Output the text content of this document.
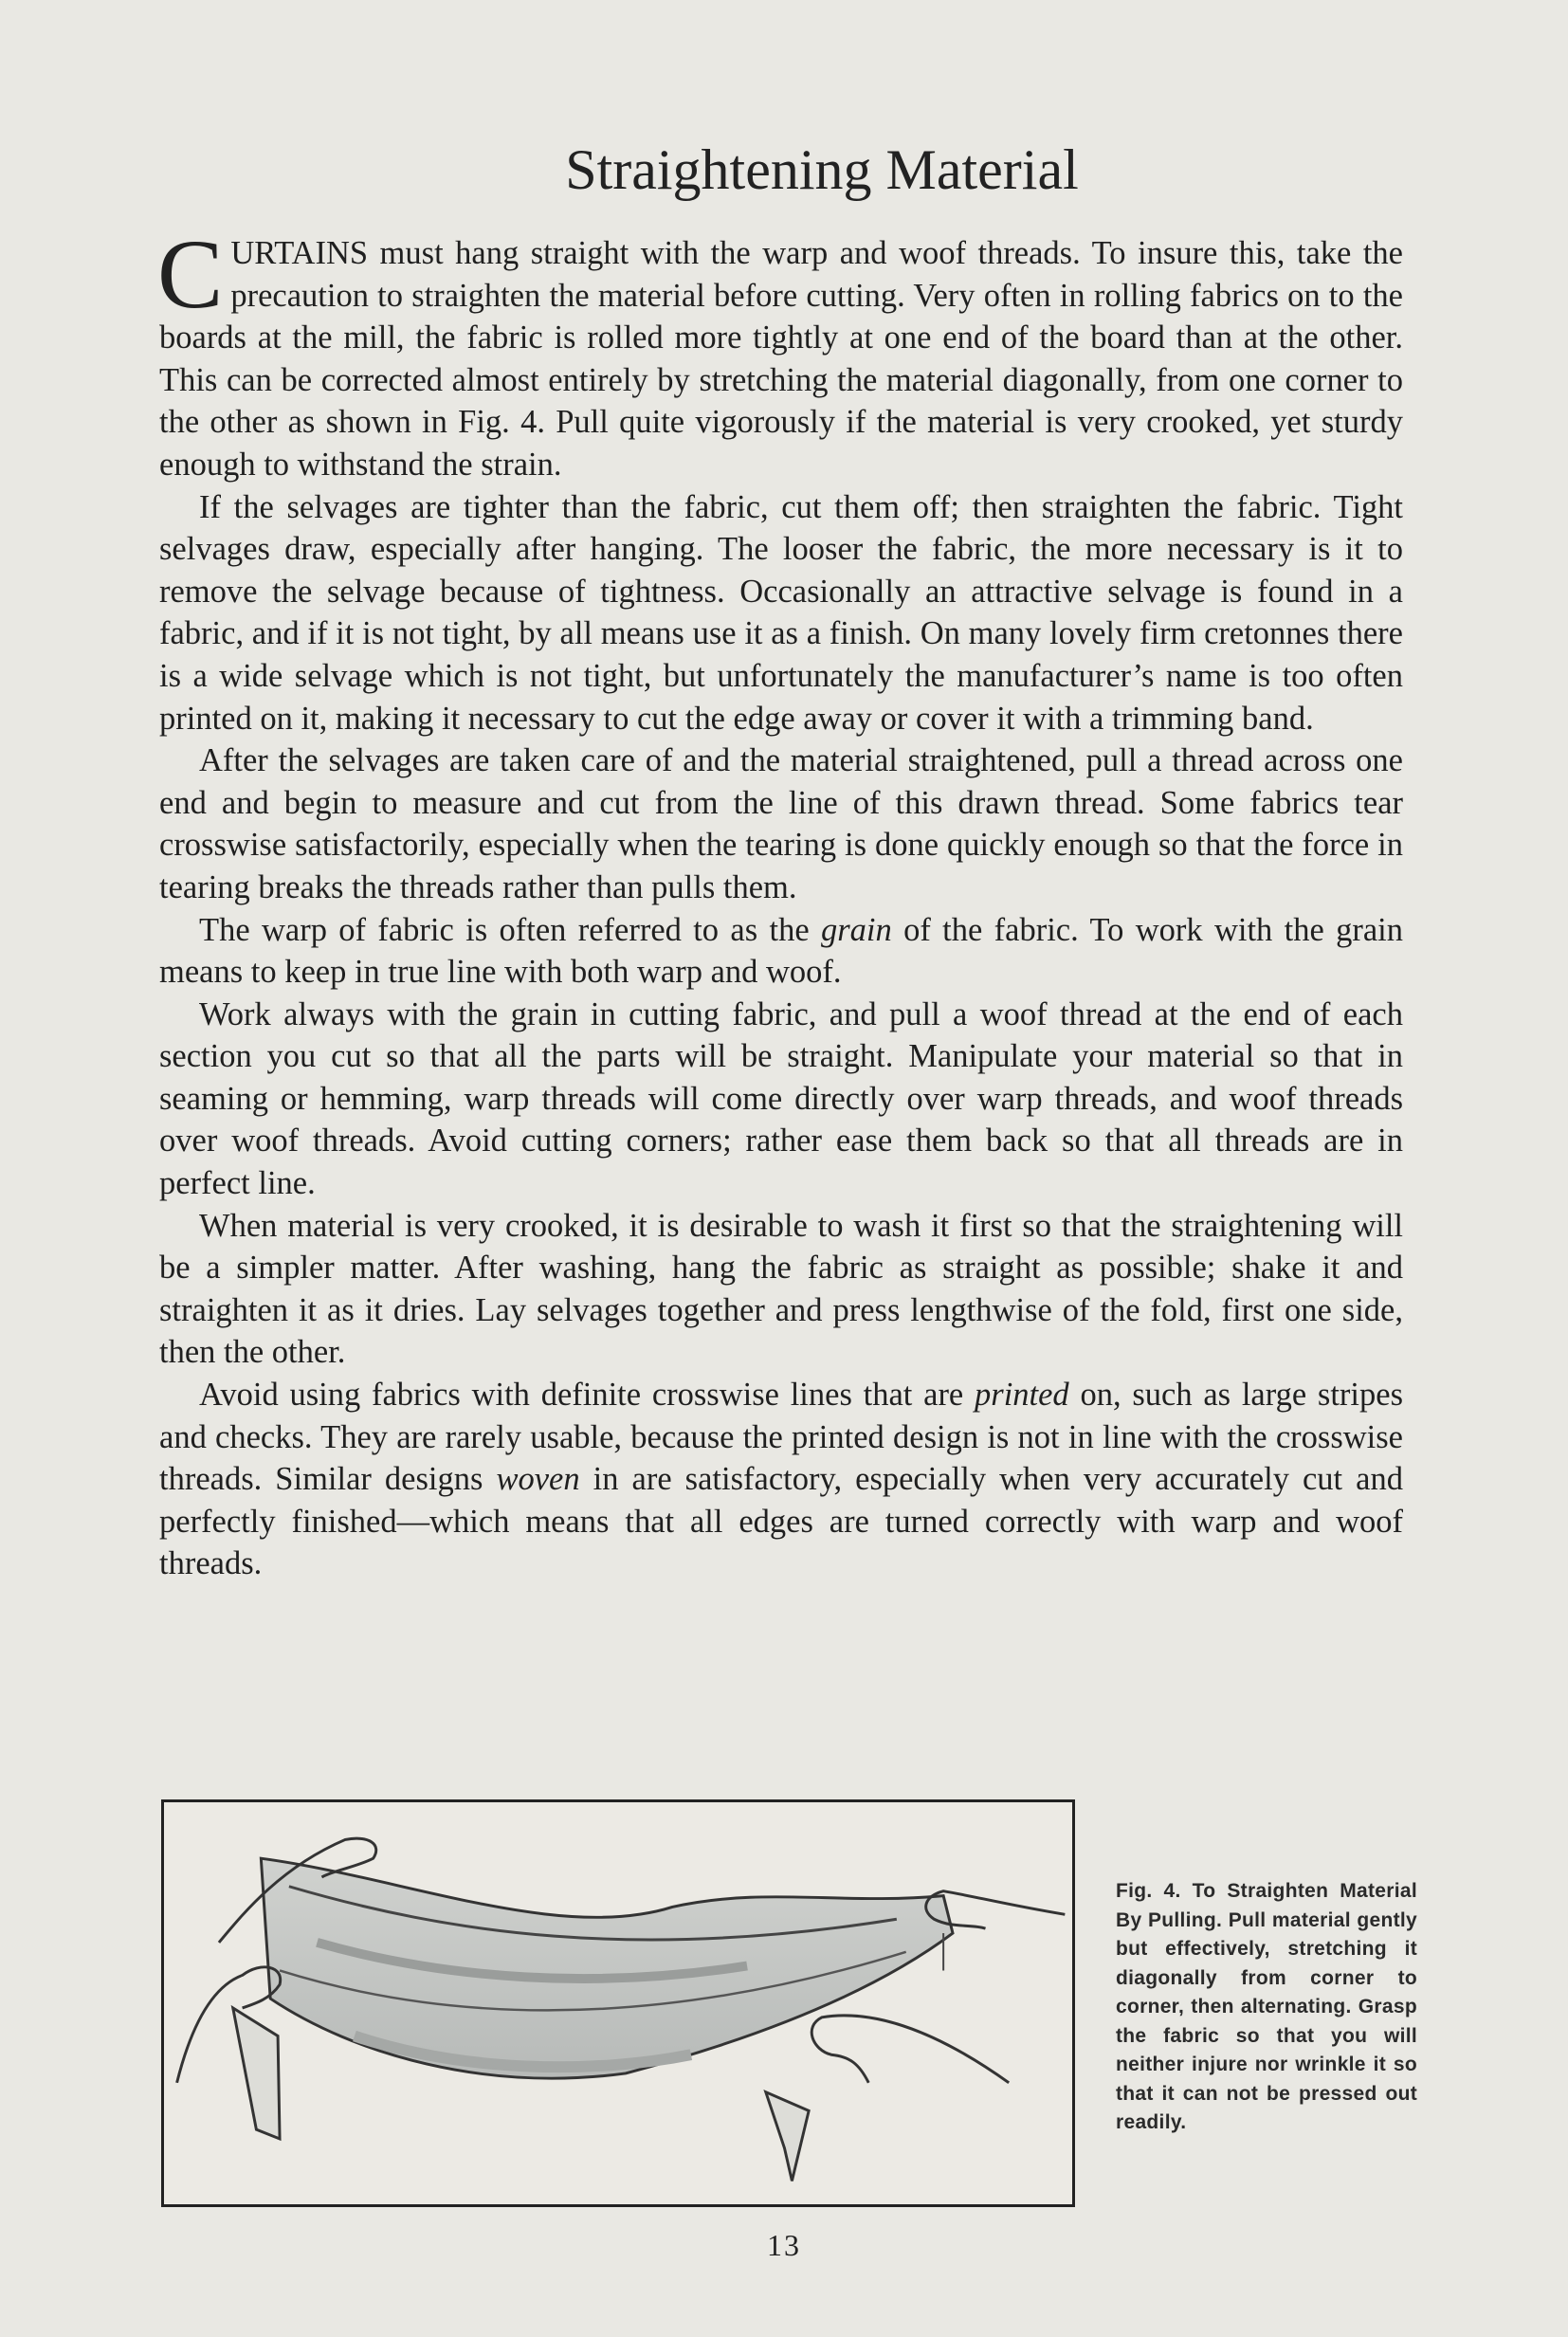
Straightening Material

CURTAINS must hang straight with the warp and woof threads. To insure this, take the precaution to straighten the material before cutting. Very often in rolling fabrics on to the boards at the mill, the fabric is rolled more tightly at one end of the board than at the other. This can be corrected almost entirely by stretching the material diagonally, from one corner to the other as shown in Fig. 4. Pull quite vigorously if the material is very crooked, yet sturdy enough to withstand the strain.

If the selvages are tighter than the fabric, cut them off; then straighten the fabric. Tight selvages draw, especially after hanging. The looser the fabric, the more necessary is it to remove the selvage because of tightness. Occasionally an attractive selvage is found in a fabric, and if it is not tight, by all means use it as a finish. On many lovely firm cretonnes there is a wide selvage which is not tight, but unfortunately the manufacturer’s name is too often printed on it, making it necessary to cut the edge away or cover it with a trimming band.

After the selvages are taken care of and the material straightened, pull a thread across one end and begin to measure and cut from the line of this drawn thread. Some fabrics tear crosswise satisfactorily, especially when the tearing is done quickly enough so that the force in tearing breaks the threads rather than pulls them.

The warp of fabric is often referred to as the grain of the fabric. To work with the grain means to keep in true line with both warp and woof.

Work always with the grain in cutting fabric, and pull a woof thread at the end of each section you cut so that all the parts will be straight. Manipulate your material so that in seaming or hemming, warp threads will come directly over warp threads, and woof threads over woof threads. Avoid cutting corners; rather ease them back so that all threads are in perfect line.

When material is very crooked, it is desirable to wash it first so that the straightening will be a simpler matter. After washing, hang the fabric as straight as possible; shake it and straighten it as it dries. Lay selvages together and press lengthwise of the fold, first one side, then the other.

Avoid using fabrics with definite crosswise lines that are printed on, such as large stripes and checks. They are rarely usable, because the printed design is not in line with the crosswise threads. Similar designs woven in are satisfactory, especially when very accurately cut and perfectly finished—which means that all edges are turned correctly with warp and woof threads.

Fig. 4. To Straighten Material By Pulling. Pull material gently but effectively, stretching it diagonally from corner to corner, then alternating. Grasp the fabric so that you will neither injure nor wrinkle it so that it can not be pressed out readily.
13
